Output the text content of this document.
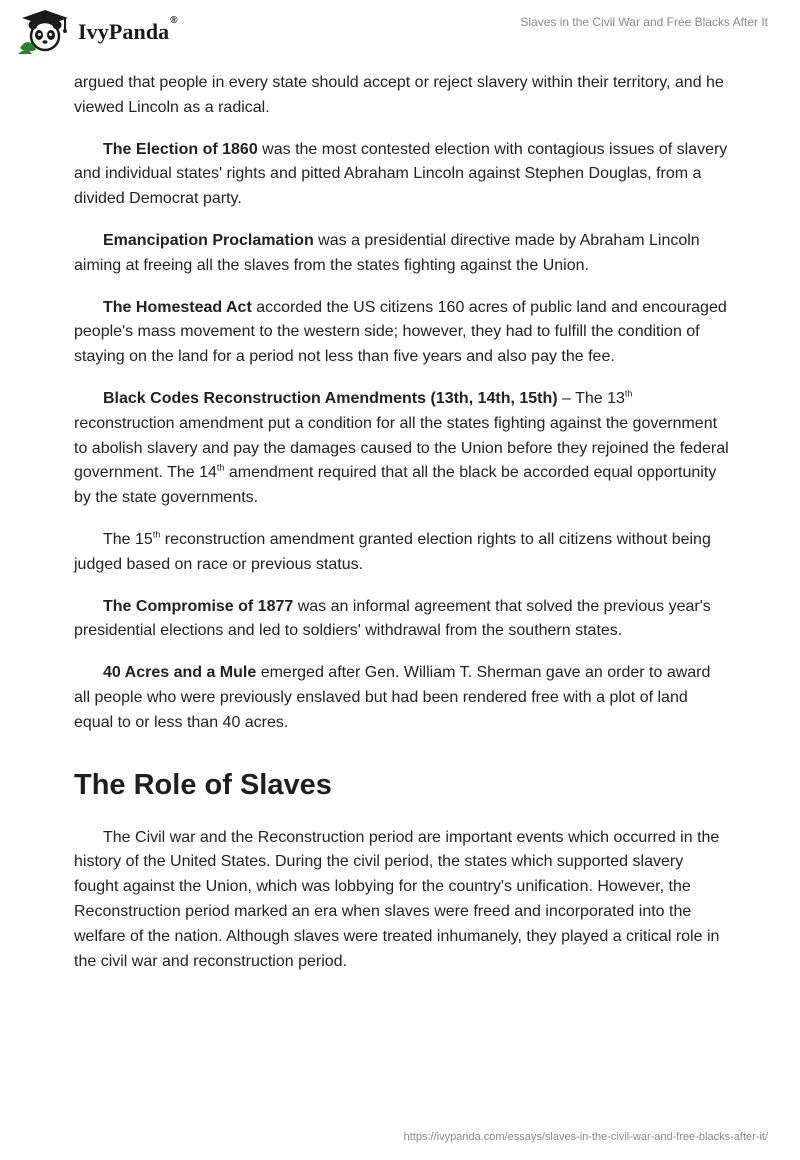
IvyPanda®	Slaves in the Civil War and Free Blacks After It

argued that people in every state should accept or reject slavery within their territory, and he viewed Lincoln as a radical.

The Election of 1860 was the most contested election with contagious issues of slavery and individual states' rights and pitted Abraham Lincoln against Stephen Douglas, from a divided Democrat party.

Emancipation Proclamation was a presidential directive made by Abraham Lincoln aiming at freeing all the slaves from the states fighting against the Union.

The Homestead Act accorded the US citizens 160 acres of public land and encouraged people's mass movement to the western side; however, they had to fulfill the condition of staying on the land for a period not less than five years and also pay the fee.

Black Codes Reconstruction Amendments (13th, 14th, 15th) – The 13th reconstruction amendment put a condition for all the states fighting against the government to abolish slavery and pay the damages caused to the Union before they rejoined the federal government. The 14th amendment required that all the black be accorded equal opportunity by the state governments.

The 15th reconstruction amendment granted election rights to all citizens without being judged based on race or previous status.

The Compromise of 1877 was an informal agreement that solved the previous year's presidential elections and led to soldiers' withdrawal from the southern states.

40 Acres and a Mule emerged after Gen. William T. Sherman gave an order to award all people who were previously enslaved but had been rendered free with a plot of land equal to or less than 40 acres.

The Role of Slaves

The Civil war and the Reconstruction period are important events which occurred in the history of the United States. During the civil period, the states which supported slavery fought against the Union, which was lobbying for the country's unification. However, the Reconstruction period marked an era when slaves were freed and incorporated into the welfare of the nation. Although slaves were treated inhumanely, they played a critical role in the civil war and reconstruction period.

https://ivypanda.com/essays/slaves-in-the-civil-war-and-free-blacks-after-it/
